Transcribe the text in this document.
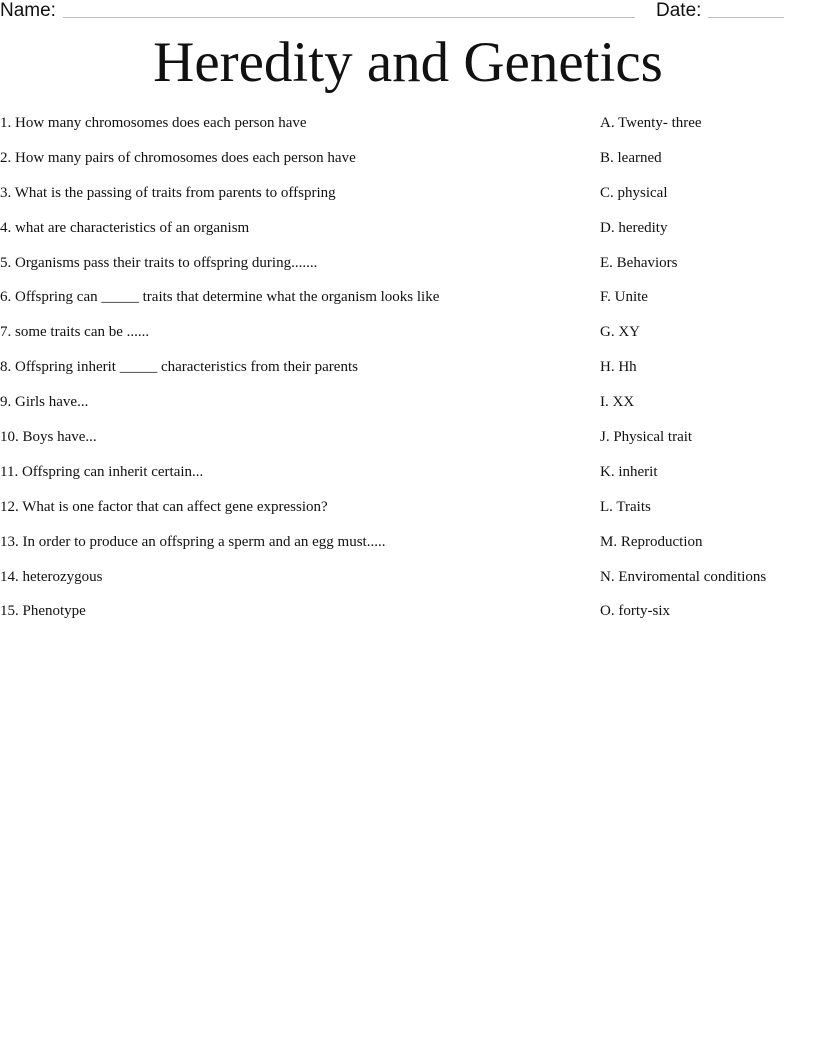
Name:	Date:
Heredity and Genetics
1. How many chromosomes does each person have
2. How many pairs of chromosomes does each person have
3. What is the passing of traits from parents to offspring
4. what are characteristics of an organism
5. Organisms pass their traits to offspring during.......
6. Offspring can _____ traits that determine what the organism looks like
7. some traits can be ......
8. Offspring inherit _____ characteristics from their parents
9. Girls have...
10. Boys have...
11. Offspring can inherit certain...
12. What is one factor that can affect gene expression?
13. In order to produce an offspring a sperm and an egg must.....
14. heterozygous
15. Phenotype
A. Twenty- three
B. learned
C. physical
D. heredity
E. Behaviors
F. Unite
G. XY
H. Hh
I. XX
J. Physical trait
K. inherit
L. Traits
M. Reproduction
N. Enviromental conditions
O. forty-six
